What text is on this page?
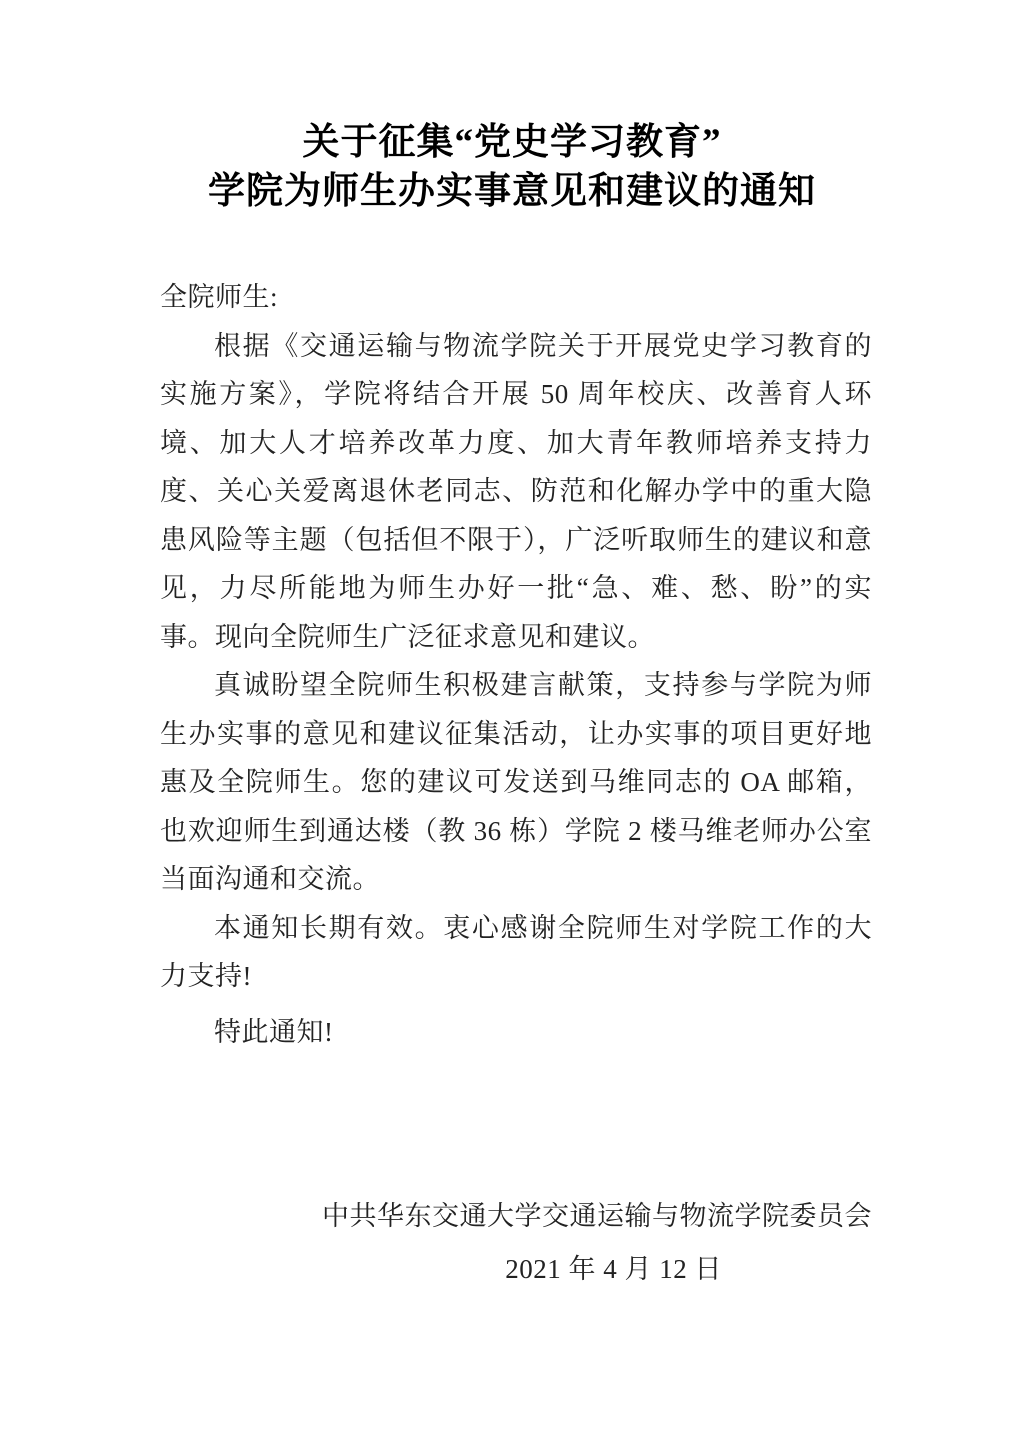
关于征集“党史学习教育”
学院为师生办实事意见和建议的通知

全院师生:

根据《交通运输与物流学院关于开展党史学习教育的实施方案》，学院将结合开展 50 周年校庆、改善育人环境、加大人才培养改革力度、加大青年教师培养支持力度、关心关爱离退休老同志、防范和化解办学中的重大隐患风险等主题（包括但不限于），广泛听取师生的建议和意见，力尽所能地为师生办好一批“急、难、愁、盼”的实事。现向全院师生广泛征求意见和建议。

真诚盼望全院师生积极建言献策，支持参与学院为师生办实事的意见和建议征集活动，让办实事的项目更好地惠及全院师生。您的建议可发送到马维同志的 OA 邮箱，也欢迎师生到通达楼（教 36 栋）学院 2 楼马维老师办公室当面沟通和交流。

本通知长期有效。衷心感谢全院师生对学院工作的大力支持!

特此通知!

中共华东交通大学交通运输与物流学院委员会
2021 年 4 月 12 日
